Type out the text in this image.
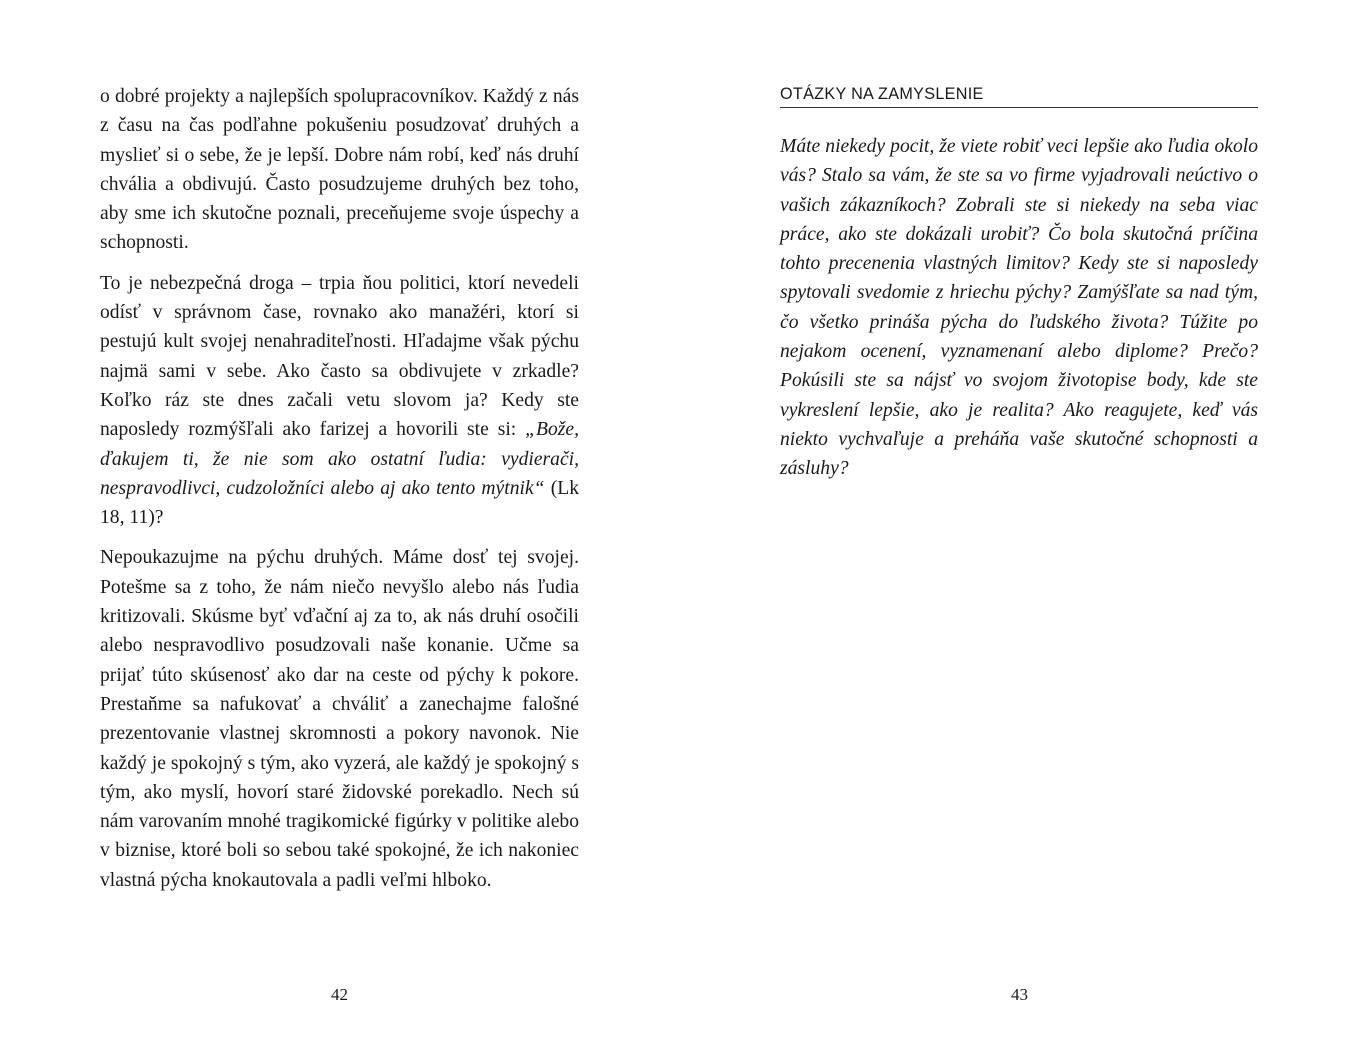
o dobré projekty a najlepších spolupracovníkov. Každý z nás z času na čas podľahne pokušeniu posudzovať druhých a myslieť si o sebe, že je lepší. Dobre nám robí, keď nás druhí chvália a obdivujú. Často posudzujeme druhých bez toho, aby sme ich skutočne poznali, preceňujeme svoje úspechy a schopnosti.

To je nebezpečná droga – trpia ňou politici, ktorí nevedeli odísť v správnom čase, rovnako ako manažéri, ktorí si pestujú kult svojej nenahraditeľnosti. Hľadajme však pýchu najmä sami v sebe. Ako často sa obdivujete v zrkadle? Koľko ráz ste dnes začali vetu slovom ja? Kedy ste naposledy rozmýšľali ako farizej a hovorili ste si: „Bože, ďakujem ti, že nie som ako ostatní ľudia: vydierači, nespravodlivci, cudzoložníci alebo aj ako tento mýtnik“ (Lk 18, 11)?

Nepoukazujme na pýchu druhých. Máme dosť tej svojej. Potešme sa z toho, že nám niečo nevyšlo alebo nás ľudia kritizovali. Skúsme byť vďační aj za to, ak nás druhí osočili alebo nespravodlivo posudzovali naše konanie. Učme sa prijať túto skúsenosť ako dar na ceste od pýchy k pokore. Prestaňme sa nafukovať a chváliť a zanechajme falošné prezentovanie vlastnej skromnosti a pokory navonok. Nie každý je spokojný s tým, ako vyzerá, ale každý je spokojný s tým, ako myslí, hovorí staré židovské porekadlo. Nech sú nám varovaním mnohé tragikomické figúrky v politike alebo v biznise, ktoré boli so sebou také spokojné, že ich nakoniec vlastná pýcha knokautovala a padli veľmi hlboko.

42
OTÁZKY NA ZAMYSLENIE
Máte niekedy pocit, že viete robiť veci lepšie ako ľudia okolo vás? Stalo sa vám, že ste sa vo firme vyjadrovali neúctivo o vašich zákazníkoch? Zobrali ste si niekedy na seba viac práce, ako ste dokázali urobiť? Čo bola skutočná príčina tohto precenenia vlastných limitov? Kedy ste si naposledy spytovali svedomie z hriechu pýchy? Zamýšľate sa nad tým, čo všetko prináša pýcha do ľudského života? Túžite po nejakom ocenení, vyznamenaní alebo diplome? Prečo? Pokúsili ste sa nájsť vo svojom životopise body, kde ste vykreslení lepšie, ako je realita? Ako reagujete, keď vás niekto vychvaľuje a preháňa vaše skutočné schopnosti a zásluhy?
43
